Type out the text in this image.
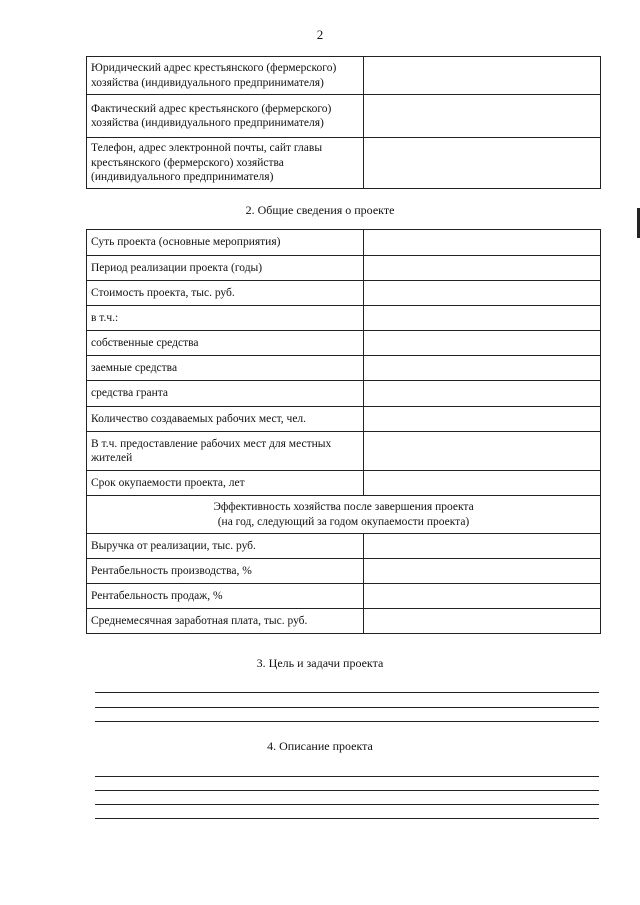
2
Юридический адрес крестьянского (фермерского) хозяйства (индивидуального предпринимателя)	
Фактический адрес крестьянского (фермерского) хозяйства (индивидуального предпринимателя)	
Телефон, адрес электронной почты, сайт главы крестьянского (фермерского) хозяйства (индивидуального предпринимателя)	
2. Общие сведения о проекте
Суть проекта (основные мероприятия)	
Период реализации проекта (годы)	
Стоимость проекта, тыс. руб.	
в т.ч.:	
собственные средства	
заемные средства	
средства гранта	
Количество создаваемых рабочих мест, чел.	
В т.ч. предоставление рабочих мест для местных жителей	
Срок окупаемости проекта, лет	

Эффективность хозяйства после завершения проекта
(на год, следующий за годом окупаемости проекта)	

Выручка от реализации, тыс. руб.	
Рентабельность производства, %	
Рентабельность продаж, %	
Среднемесячная заработная плата, тыс. руб.	
3. Цель и задачи проекта
4. Описание проекта
